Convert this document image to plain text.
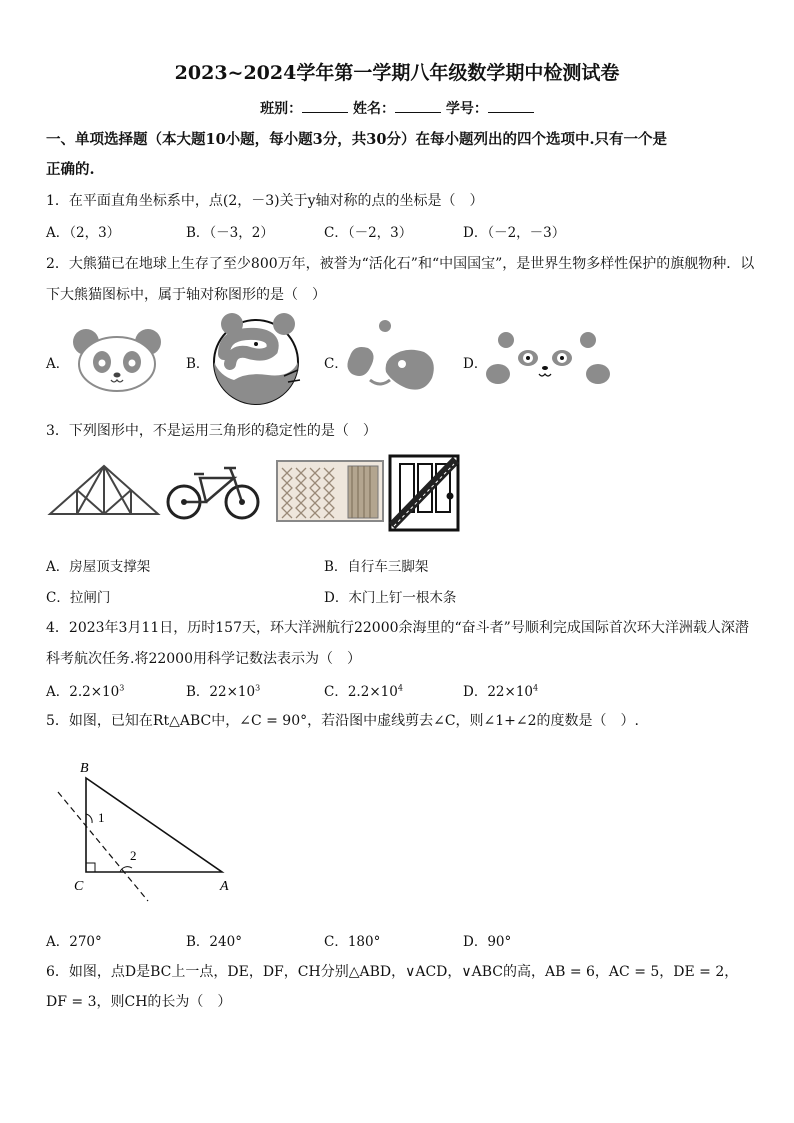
2023~2024学年第一学期八年级数学期中检测试卷
班别：	姓名：	学号：
一、单项选择题（本大题10小题，每小题3分，共30分）在每小题列出的四个选项中.只有一个是
正确的.
1．在平面直角坐标系中，点(2，－3)关于y轴对称的点的坐标是（　）
A．（2，3）	B．（－3，2）	C．（－2，3）	D．（－2，－3）
2．大熊猫已在地球上生存了至少800万年，被誉为“活化石”和“中国国宝”，是世界生物多样性保护的旗舰物种．以
下大熊猫图标中，属于轴对称图形的是（　）
A．	B．	C．	D．
3．下列图形中，不是运用三角形的稳定性的是（　）
A．房屋顶支撑架	B．自行车三脚架
C．拉闸门	D．木门上钉一根木条
4．2023年3月11日，历时157天，环大洋洲航行22000余海里的“奋斗者”号顺利完成国际首次环大洋洲载人深潜
科考航次任务.将22000用科学记数法表示为（　）
A．$2.2\times 10^3$	B．$22\times 10^3$	C．$2.2\times 10^4$	D．$22\times 10^4$
5．如图，已知在Rt△ABC中，∠C = 90°，若沿图中虚线剪去∠C，则∠1+∠2的度数是（　）.
B
C	A
1
2
A．270°	B．240°	C．180°	D．90°
6．如图，点D是BC上一点，DE，DF，CH分别△ABD，∨ACD，∨ABC的高，AB = 6，AC = 5，DE = 2，
DF = 3，则CH的长为（　）
